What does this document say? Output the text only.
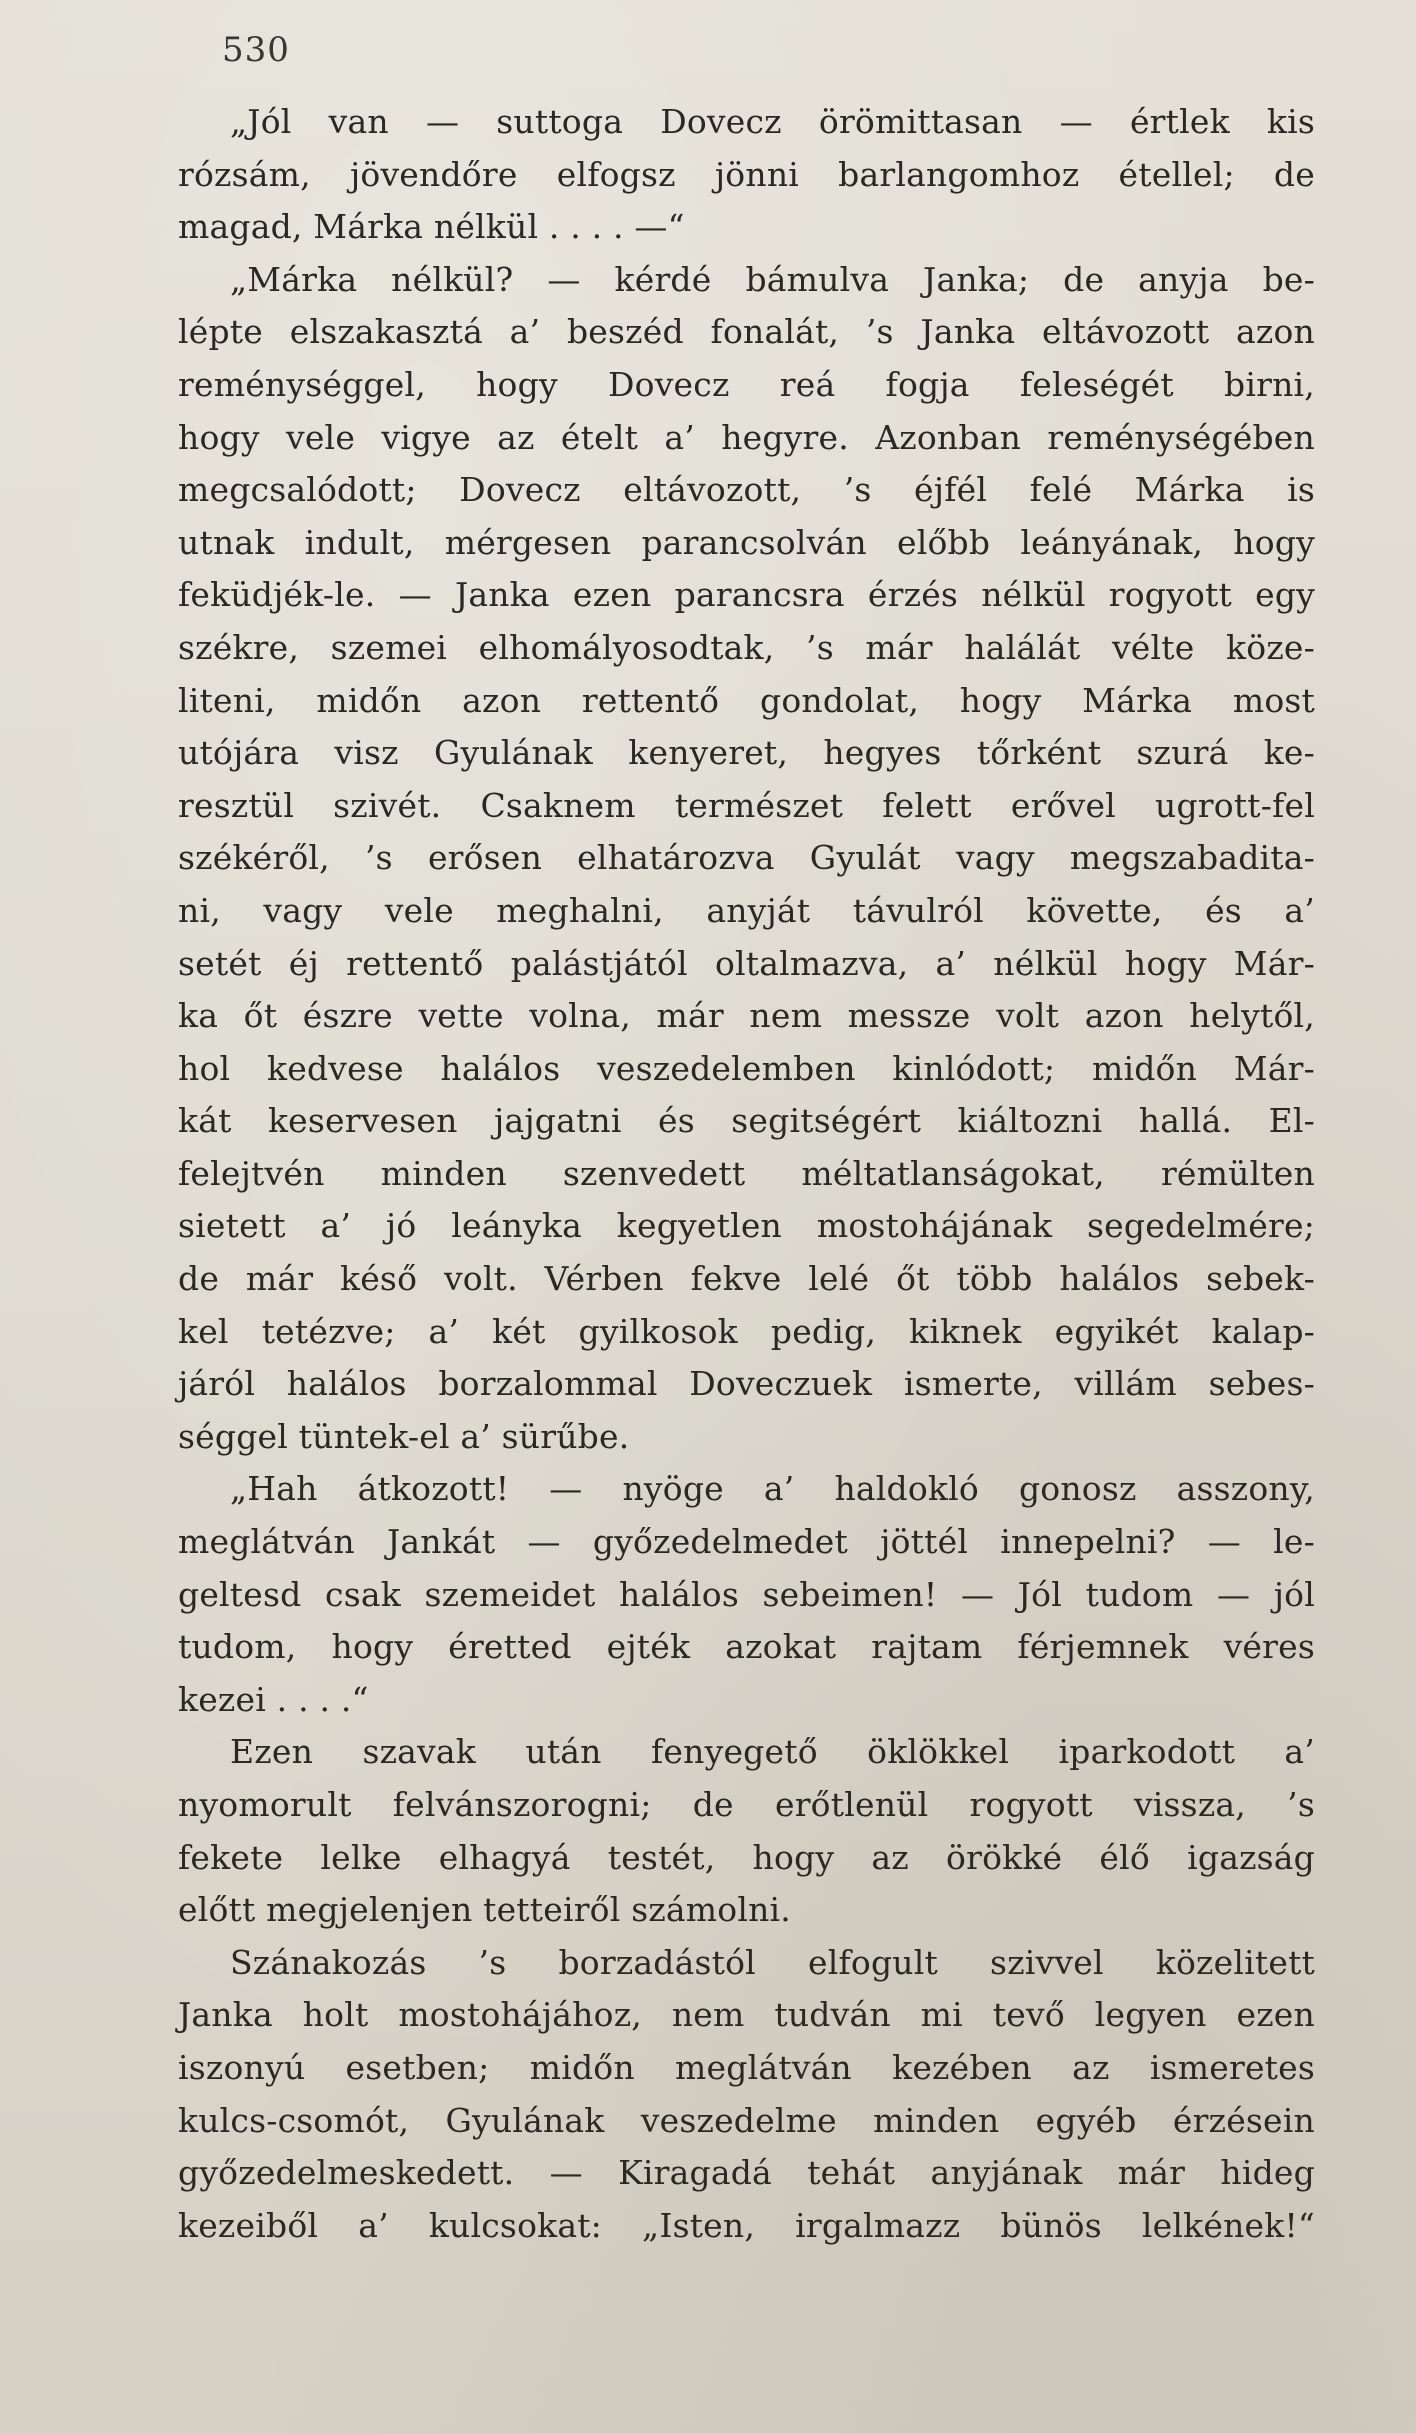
530
„Jól van — suttoga Dovecz örömittasan — értlek kis
rózsám, jövendőre elfogsz jönni barlangomhoz étellel; de
magad, Márka nélkül . . . . —“
„Márka nélkül? — kérdé bámulva Janka; de anyja be-
lépte elszakasztá a’ beszéd fonalát, ’s Janka eltávozott azon
reménységgel, hogy Dovecz reá fogja feleségét birni,
hogy vele vigye az ételt a’ hegyre. Azonban reménységében
megcsalódott; Dovecz eltávozott, ’s éjfél felé Márka is
utnak indult, mérgesen parancsolván előbb leányának, hogy
feküdjék-le. — Janka ezen parancsra érzés nélkül rogyott egy
székre, szemei elhomályosodtak, ’s már halálát vélte köze-
liteni, midőn azon rettentő gondolat, hogy Márka most
utójára visz Gyulának kenyeret, hegyes tőrként szurá ke-
resztül szivét. Csaknem természet felett erővel ugrott-fel
székéről, ’s erősen elhatározva Gyulát vagy megszabadita-
ni, vagy vele meghalni, anyját távulról követte, és a’
setét éj rettentő palástjától oltalmazva, a’ nélkül hogy Már-
ka őt észre vette volna, már nem messze volt azon helytől,
hol kedvese halálos veszedelemben kinlódott; midőn Már-
kát keservesen jajgatni és segitségért kiáltozni hallá. El-
felejtvén minden szenvedett méltatlanságokat, rémülten
sietett a’ jó leányka kegyetlen mostohájának segedelmére;
de már késő volt. Vérben fekve lelé őt több halálos sebek-
kel tetézve; a’ két gyilkosok pedig, kiknek egyikét kalap-
járól halálos borzalommal Doveczuek ismerte, villám sebes-
séggel tüntek-el a’ sürűbe.
„Hah átkozott! — nyöge a’ haldokló gonosz asszony,
meglátván Jankát — győzedelmedet jöttél innepelni? — le-
geltesd csak szemeidet halálos sebeimen! — Jól tudom — jól
tudom, hogy éretted ejték azokat rajtam férjemnek véres
kezei . . . .“
Ezen szavak után fenyegető öklökkel iparkodott a’
nyomorult felvánszorogni; de erőtlenül rogyott vissza, ’s
fekete lelke elhagyá testét, hogy az örökké élő igazság
előtt megjelenjen tetteiről számolni.
Szánakozás ’s borzadástól elfogult szivvel közelitett
Janka holt mostohájához, nem tudván mi tevő legyen ezen
iszonyú esetben; midőn meglátván kezében az ismeretes
kulcs-csomót, Gyulának veszedelme minden egyéb érzésein
győzedelmeskedett. — Kiragadá tehát anyjának már hideg
kezeiből a’ kulcsokat: „Isten, irgalmazz bünös lelkének!“
